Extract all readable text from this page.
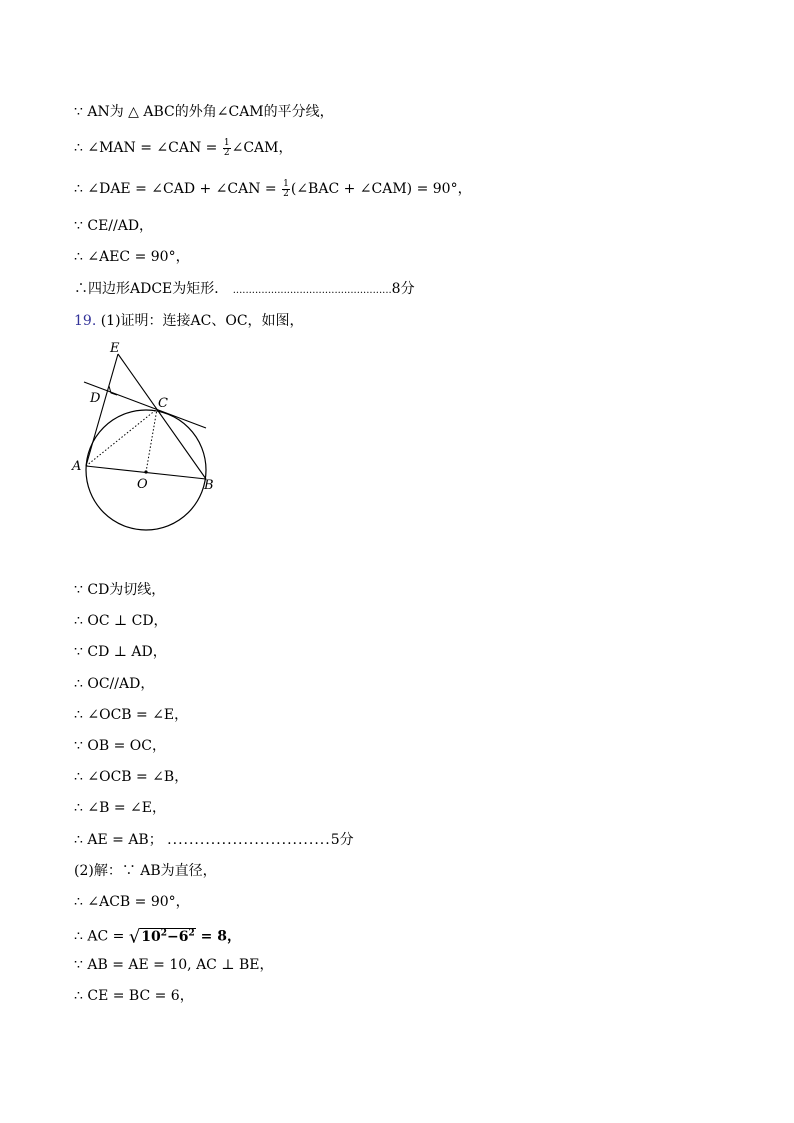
∵ AN为 △ ABC的外角∠CAM的平分线，
∴ ∠MAN = ∠CAN = $\frac{1}{2}$ ∠CAM，
∴ ∠DAE = ∠CAD + ∠CAN = $\frac{1}{2}$ (∠BAC + ∠CAM) = 90°，
∵ CE//AD，
∴ ∠AEC = 90°，
∴四边形ADCE为矩形． ..................................................8分
19. (1)证明：连接AC、OC，如图，
E
D	C
A
O	B
∵ CD为切线，
∴ OC ⊥ CD，
∵ CD ⊥ AD，
∴ OC//AD，
∴ ∠OCB = ∠E，
∵ OB = OC，
∴ ∠OCB = ∠B，
∴ ∠B = ∠E，
∴ AE = AB； ..............................5分
(2)解：∵ AB为直径，
∴ ∠ACB = 90°，
∴ AC = $√10^2-6^2 = 8$，
∵ AB = AE = 10, AC ⊥ BE，
∴ CE = BC = 6，
